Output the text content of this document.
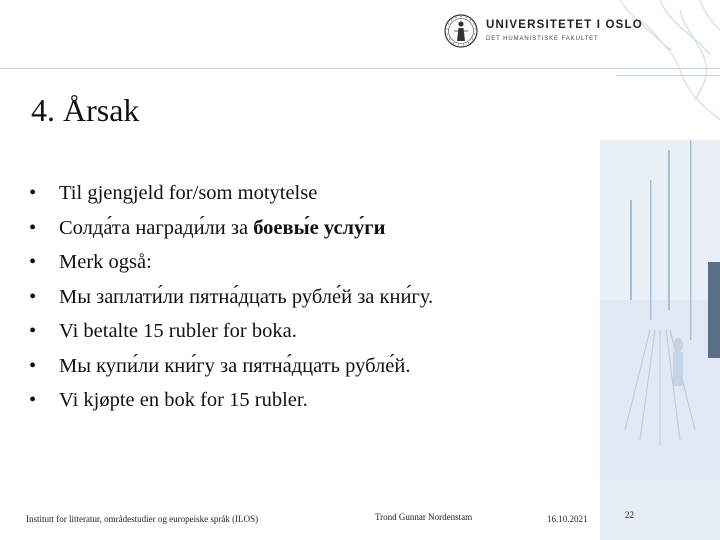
UNIVERSITETET I OSLO
DET HUMANISTISKE FAKULTET
4. Årsak
• Til gjengjeld for/som motytelse
• Солда́та награди́ли за боевы́е услу́ги
• Merk også:
• Мы заплати́ли пятна́дцать рубле́й за кни́гу.
• Vi betalte 15 rubler for boka.
• Мы купи́ли кни́гу за пятна́дцать рубле́й.
• Vi kjøpte en bok for 15 rubler.
Institutt for litteratur, områdestudier og europeiske språk (ILOS)	Trond Gunnar Nordenstam	16.10.2021	22
